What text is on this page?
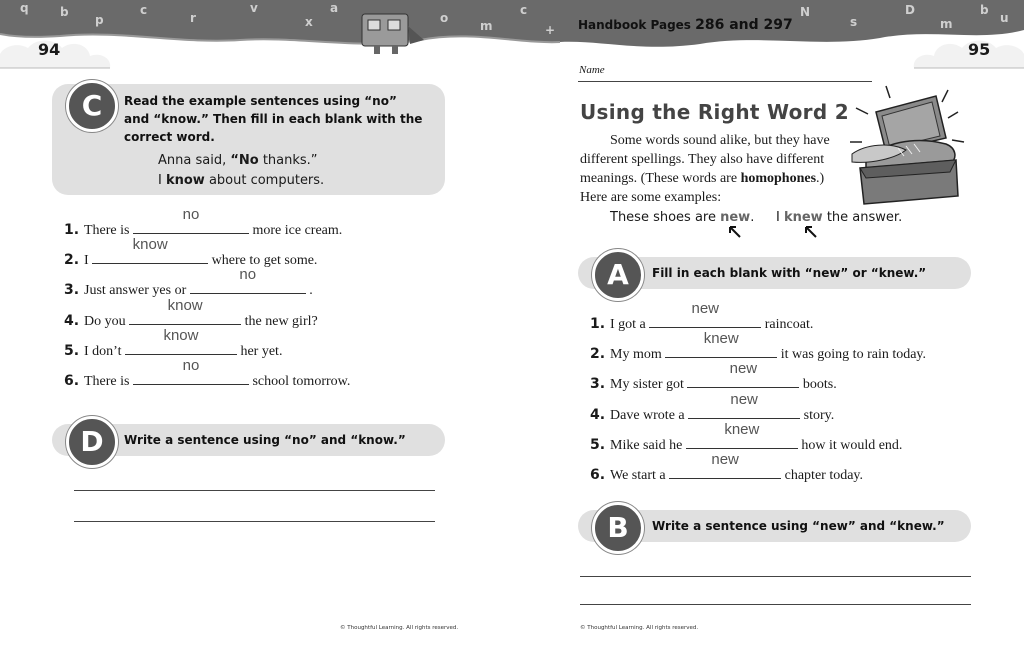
b
p
c
r
v
x
a
o
m
c
+
N
s
D
m
b
u
q
94	95
Handbook Pages 286 and 297
C	Read the example sentences using “no” and “know.” Then fill in each blank with the correct word.
Anna said, “No thanks.”
I know about computers.
1. There is
no
more ice cream.
2. I
know
where to get some.
3. Just answer yes or
no
.
4. Do you
know
the new girl?
5. I don’t
know
her yet.
6. There is
no
school tomorrow.
D	Write a sentence using “no” and “know.”
© Thoughtful Learning. All rights reserved.
Name
Using the Right Word 2
Some words sound alike, but they have different spellings. They also have different meanings. (These words are homophones.) Here are some examples:
These shoes are new. I knew the answer.
A	Fill in each blank with “new” or “knew.”
1. I got a
new
raincoat.
2. My mom
knew
it was going to rain today.
3. My sister got
new
boots.
4. Dave wrote a
new
story.
5. Mike said he
knew
how it would end.
6. We start a
new
chapter today.
B	Write a sentence using “new” and “knew.”
© Thoughtful Learning. All rights reserved.
